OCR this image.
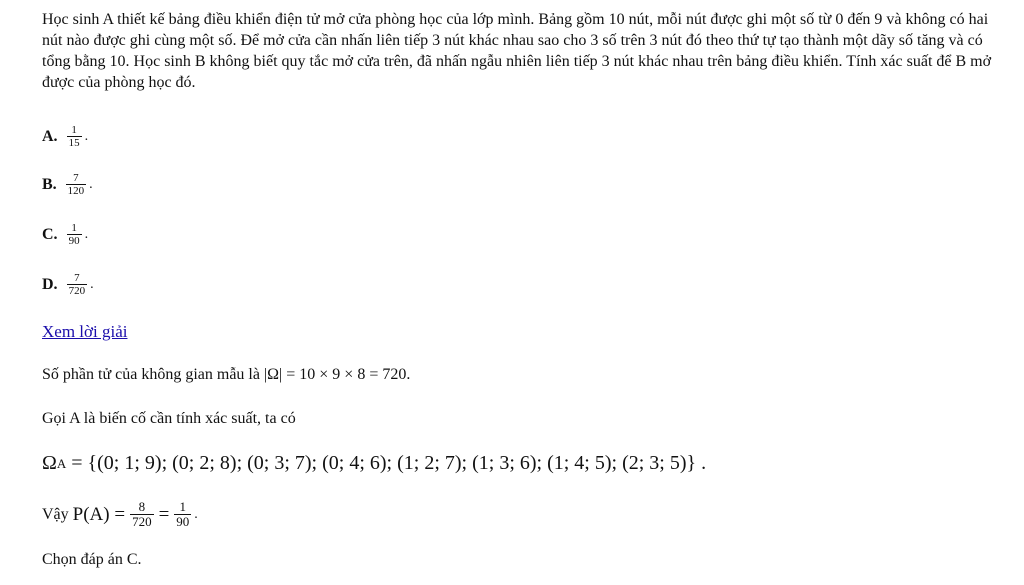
Học sinh A thiết kế bảng điều khiển điện tử mở cửa phòng học của lớp mình. Bảng gồm 10 nút, mỗi nút được ghi một số từ 0 đến 9 và không có hai nút nào được ghi cùng một số. Để mở cửa cần nhấn liên tiếp 3 nút khác nhau sao cho 3 số trên 3 nút đó theo thứ tự tạo thành một dãy số tăng và có tổng bằng 10. Học sinh B không biết quy tắc mở cửa trên, đã nhấn ngẫu nhiên liên tiếp 3 nút khác nhau trên bảng điều khiển. Tính xác suất để B mở được của phòng học đó.

A. $\frac{1}{15}$ .
B. $\frac{7}{120}$ .
C. $\frac{1}{90}$ .
D. $\frac{7}{720}$ .
Xem lời giải
Số phần tử của không gian mẫu là |Ω| = 10 × 9 × 8 = 720.
Gọi A là biến cố cần tính xác suất, ta có
Ω A = {(0; 1; 9); (0; 2; 8); (0; 3; 7); (0; 4; 6); (1; 2; 7); (1; 3; 6); (1; 4; 5); (2; 3; 5)} .
Vậy $P(A) = \frac{8}{720} = \frac{1}{90}$ .
Chọn đáp án C.
